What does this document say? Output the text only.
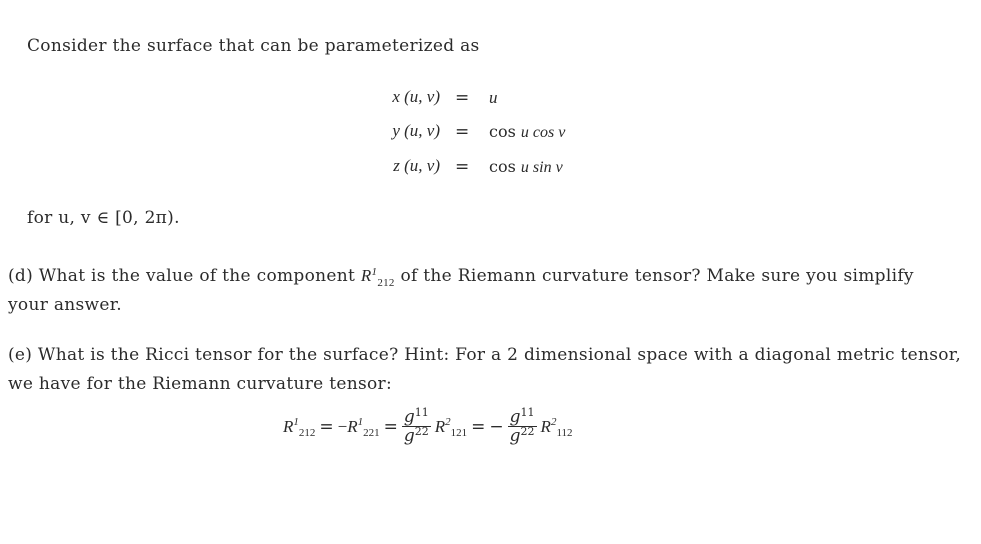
Consider the surface that can be parameterized as
x (u, v) = u
y (u, v) = cos u cos v
z (u, v) = cos u sin v
for u, v ∈ [0, 2π).
(d) What is the value of the component $R^1_{212}$ of the Riemann curvature tensor? Make sure you simplify
your answer.
(e) What is the Ricci tensor for the surface? Hint: For a 2 dimensional space with a diagonal metric tensor,
we have for the Riemann curvature tensor:
$R^1_{212} = -R^1_{221} = \frac{g^{11}}{g^{22}} R^2_{121}$ = − $\frac{g^{11}}{g^{22}} R^2_{112}$
